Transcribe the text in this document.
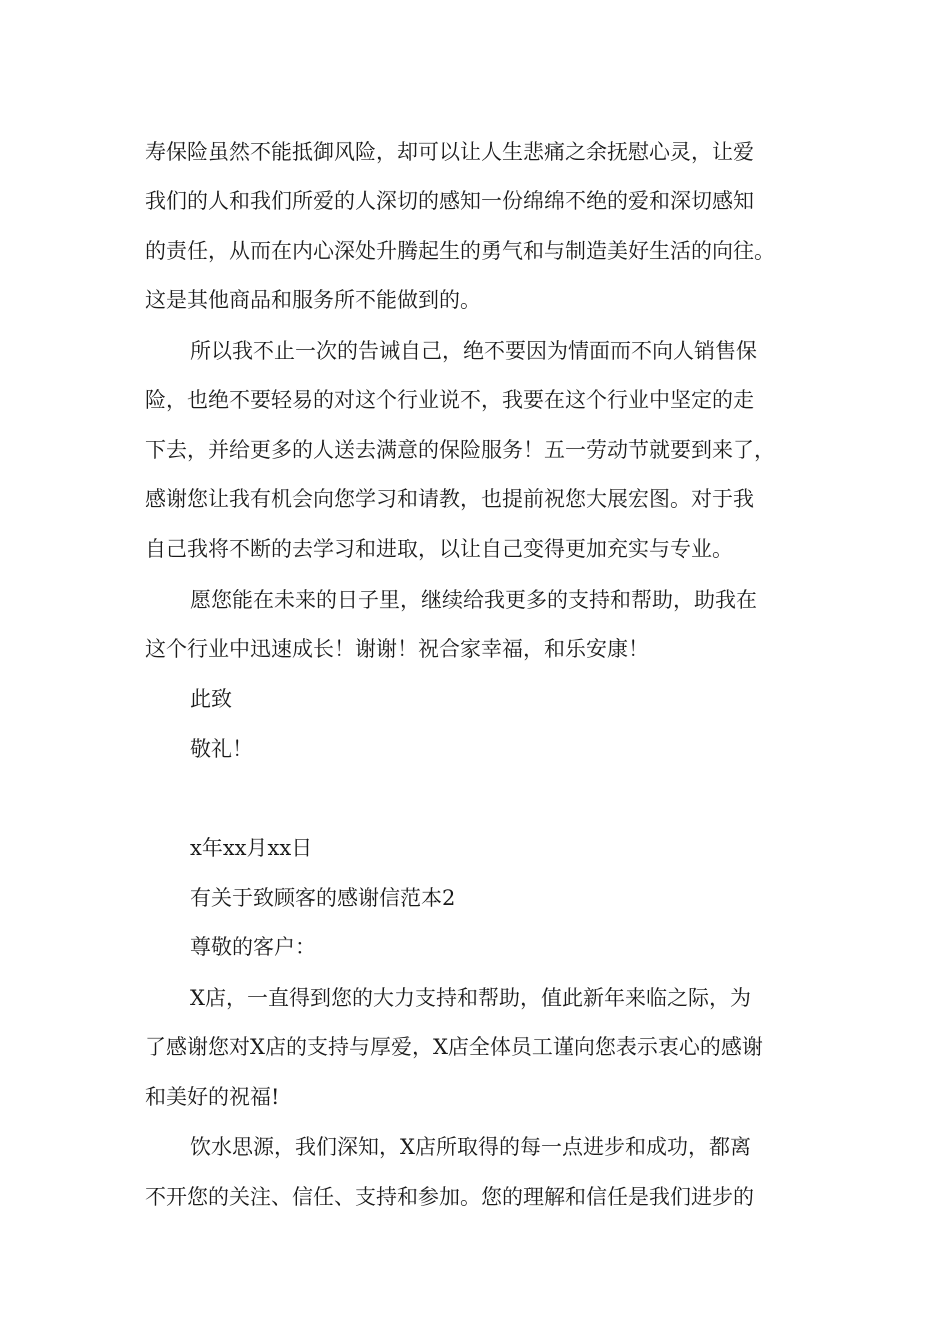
寿保险虽然不能抵御风险，却可以让人生悲痛之余抚慰心灵，让爱
我们的人和我们所爱的人深切的感知一份绵绵不绝的爱和深切感知
的责任，从而在内心深处升腾起生的勇气和与制造美好生活的向往。
这是其他商品和服务所不能做到的。
所以我不止一次的告诫自己，绝不要因为情面而不向人销售保
险，也绝不要轻易的对这个行业说不，我要在这个行业中坚定的走
下去，并给更多的人送去满意的保险服务！五一劳动节就要到来了，
感谢您让我有机会向您学习和请教，也提前祝您大展宏图。对于我
自己我将不断的去学习和进取，以让自己变得更加充实与专业。
愿您能在未来的日子里，继续给我更多的支持和帮助，助我在
这个行业中迅速成长！谢谢！祝合家幸福，和乐安康！
此致
敬礼！
x年xx月xx日
有关于致顾客的感谢信范本2
尊敬的客户：
X店，一直得到您的大力支持和帮助，值此新年来临之际，为
了感谢您对X店的支持与厚爱，X店全体员工谨向您表示衷心的感谢
和美好的祝福!
饮水思源，我们深知，X店所取得的每一点进步和成功，都离
不开您的关注、信任、支持和参加。您的理解和信任是我们进步的
